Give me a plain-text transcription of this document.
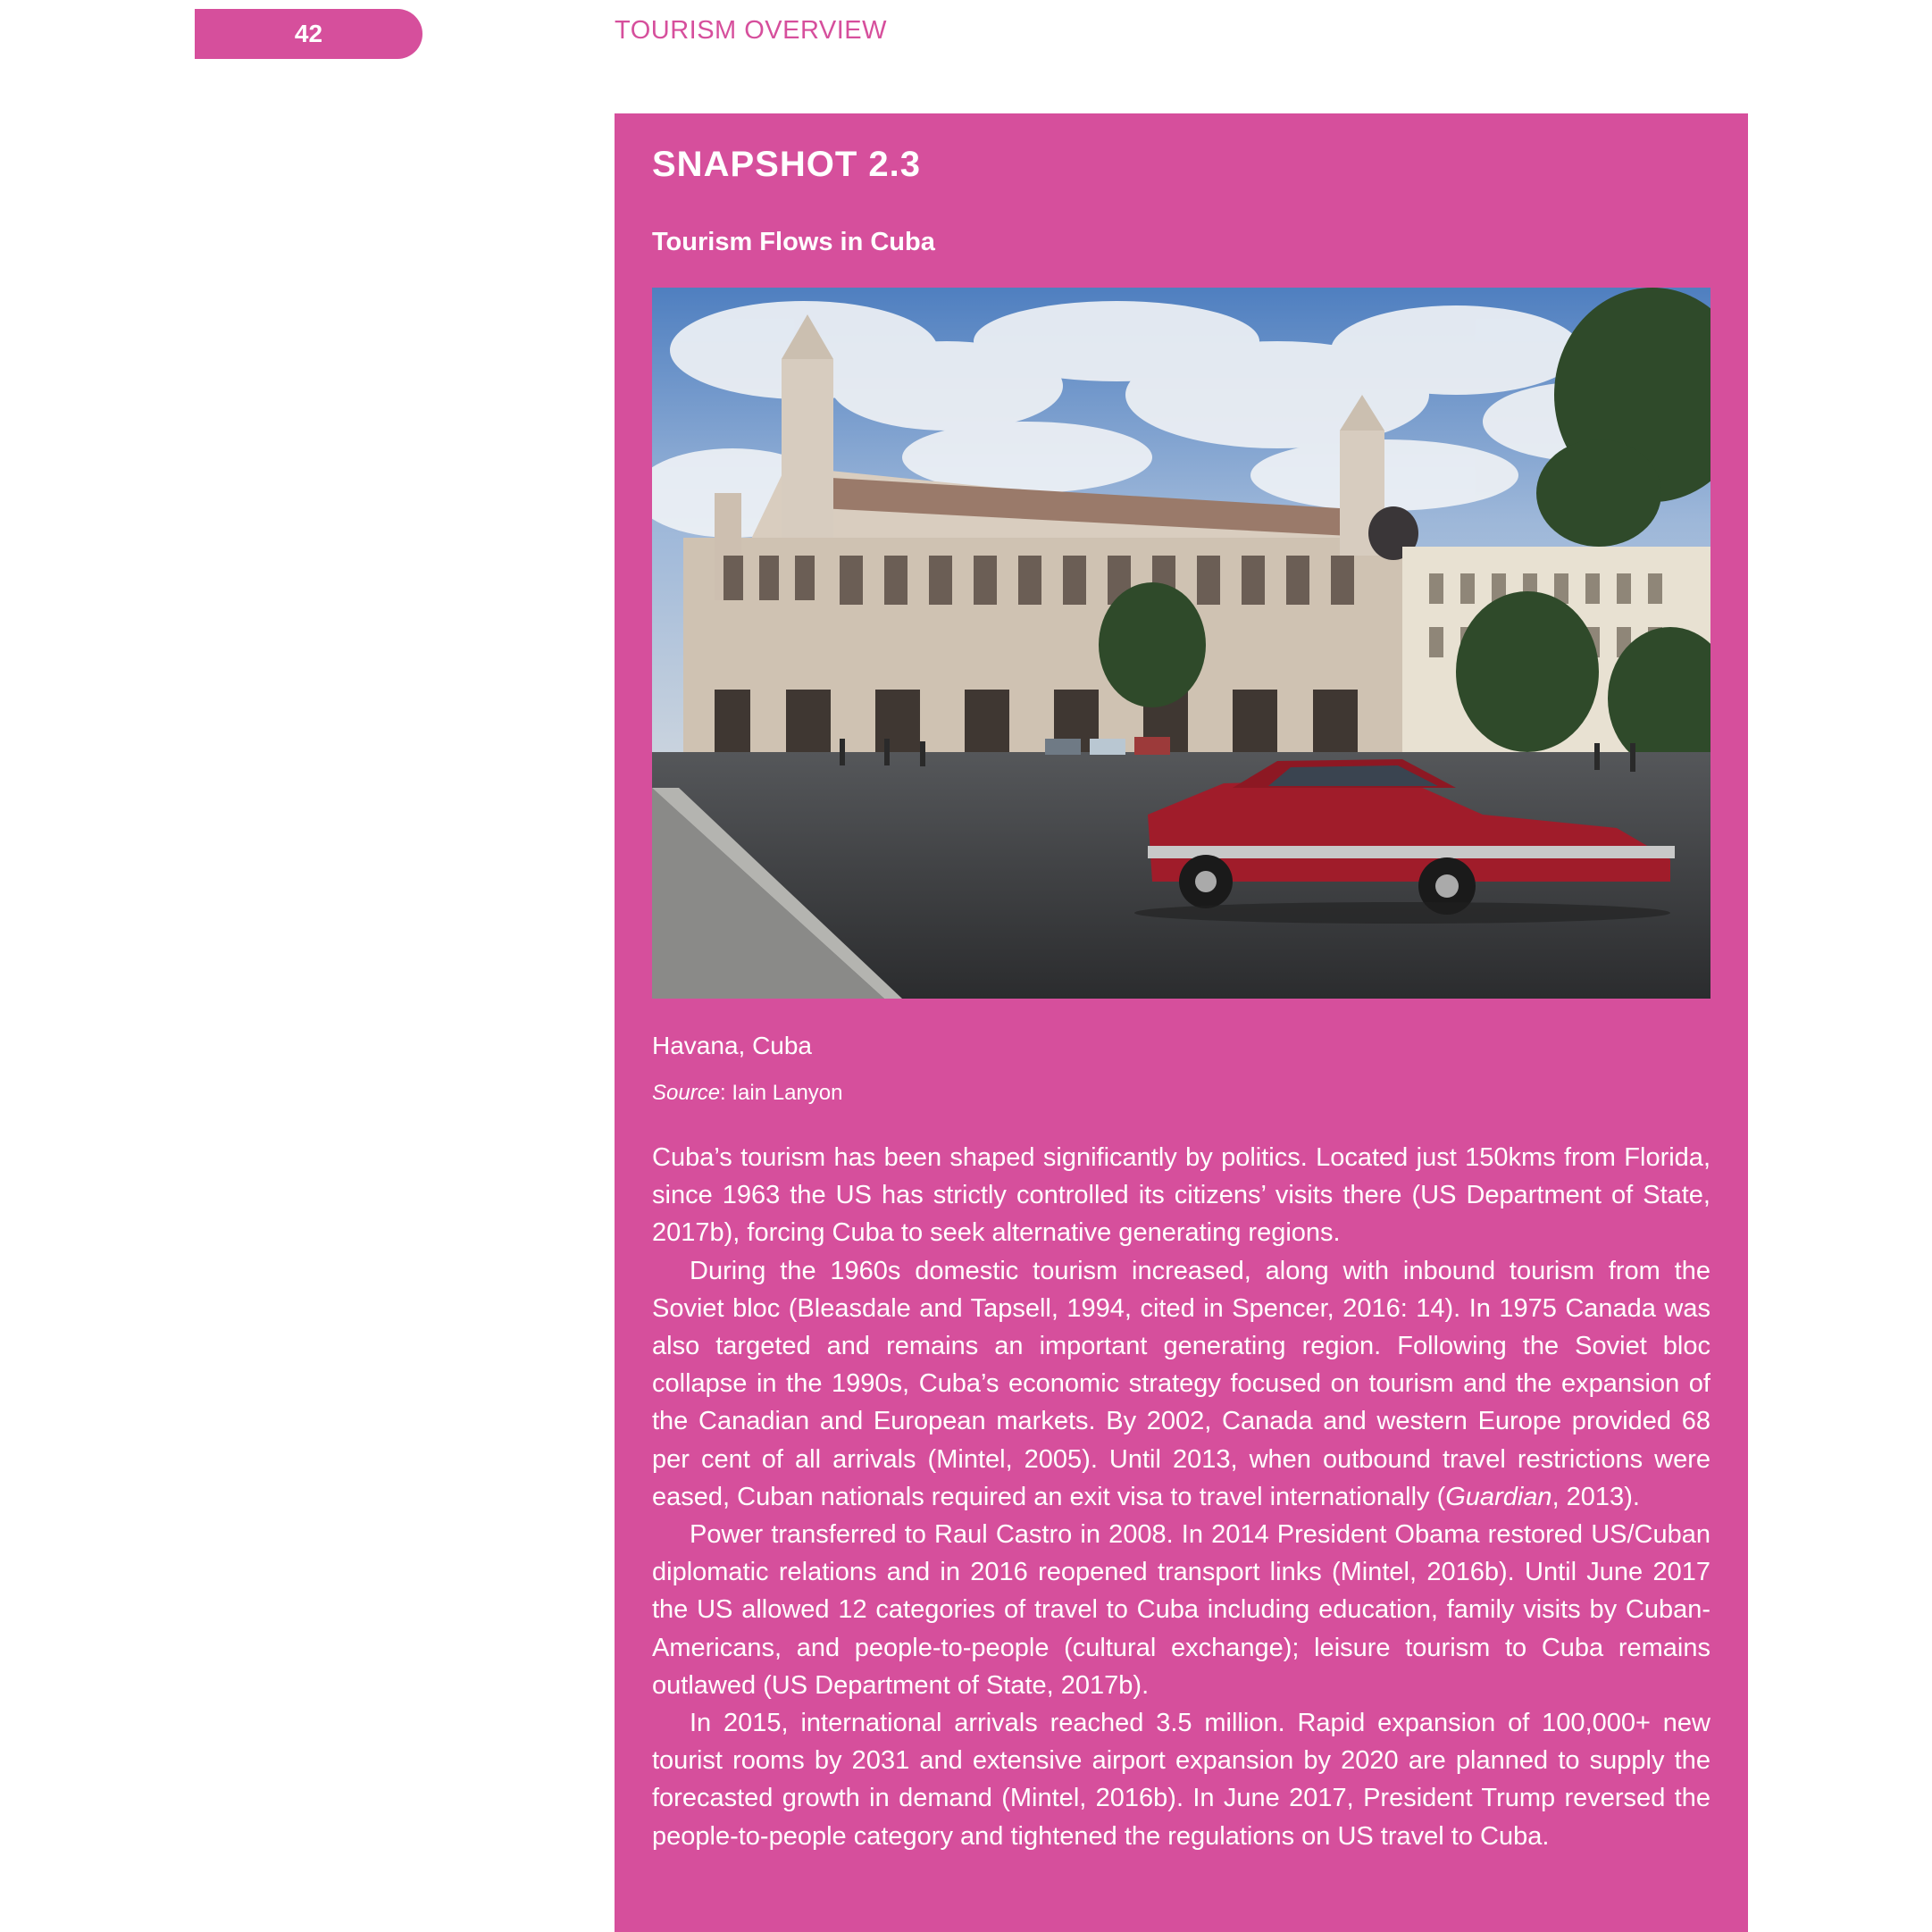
42	TOURISM OVERVIEW
SNAPSHOT 2.3
Tourism Flows in Cuba
Havana, Cuba
Source: Iain Lanyon

Cuba’s tourism has been shaped significantly by politics. Located just 150kms from Florida, since 1963 the US has strictly controlled its citizens’ visits there (US Department of State, 2017b), forcing Cuba to seek alternative generating regions.

During the 1960s domestic tourism increased, along with inbound tourism from the Soviet bloc (Bleasdale and Tapsell, 1994, cited in Spencer, 2016: 14). In 1975 Canada was also targeted and remains an important generating region. Following the Soviet bloc collapse in the 1990s, Cuba’s economic strategy focused on tourism and the expansion of the Canadian and European markets. By 2002, Canada and western Europe provided 68 per cent of all arrivals (Mintel, 2005). Until 2013, when outbound travel restrictions were eased, Cuban nationals required an exit visa to travel internationally (Guardian, 2013).

Power transferred to Raul Castro in 2008. In 2014 President Obama restored US/Cuban diplomatic relations and in 2016 reopened transport links (Mintel, 2016b). Until June 2017 the US allowed 12 categories of travel to Cuba including education, family visits by Cuban-Americans, and people-to-people (cultural exchange); leisure tourism to Cuba remains outlawed (US Department of State, 2017b).

In 2015, international arrivals reached 3.5 million. Rapid expansion of 100,000+ new tourist rooms by 2031 and extensive airport expansion by 2020 are planned to supply the forecasted growth in demand (Mintel, 2016b). In June 2017, President Trump reversed the people-to-people category and tightened the regulations on US travel to Cuba.
